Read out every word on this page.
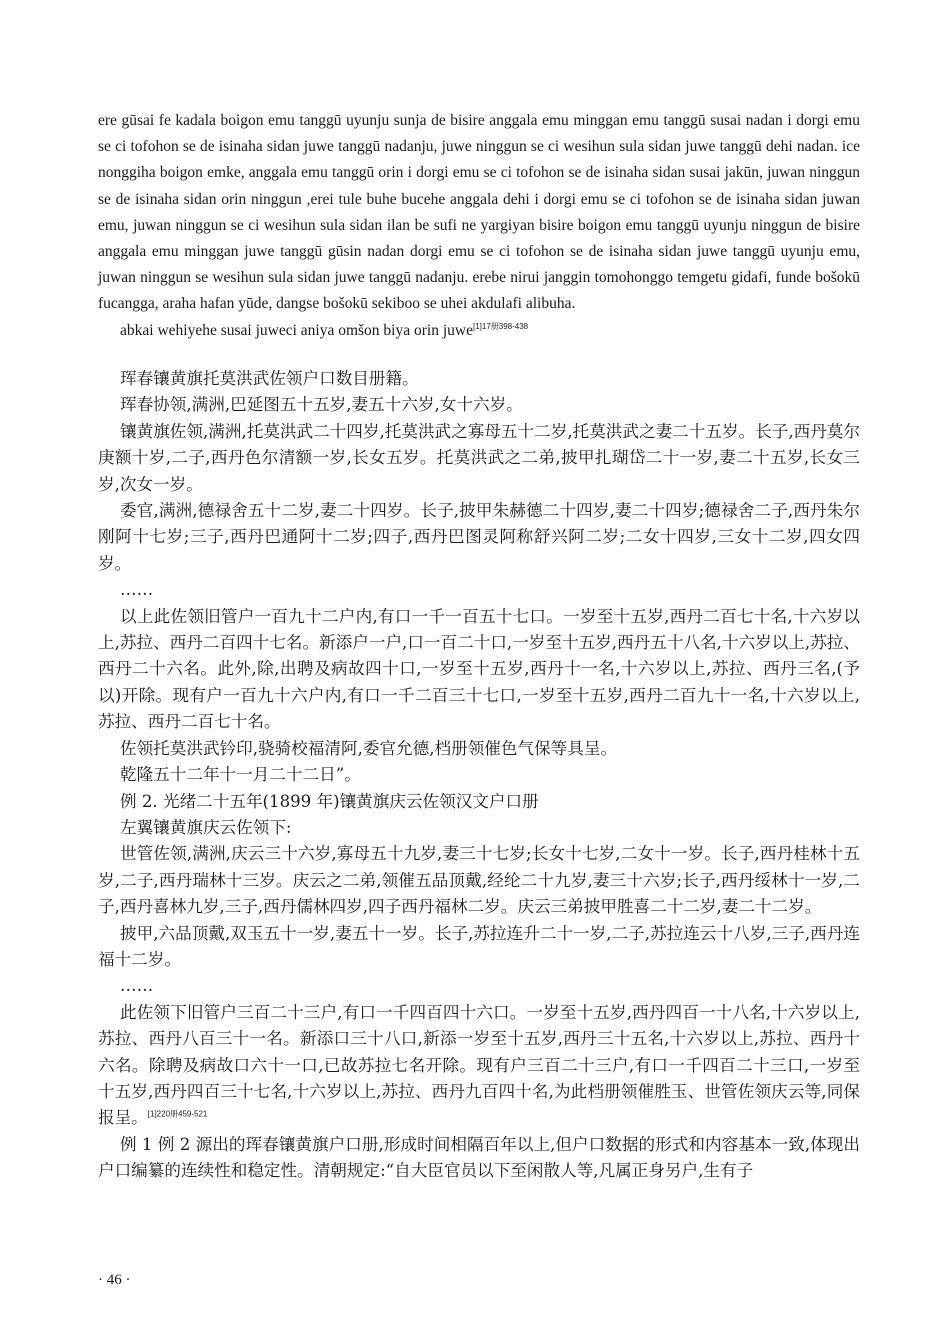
ere gūsai fe kadala boigon emu tanggū uyunju sunja de bisire anggala emu minggan emu tanggū susai nadan i dorgi emu se ci tofohon se de isinaha sidan juwe tanggū nadanju, juwe ninggun se ci wesihun sula sidan juwe tanggū dehi nadan. ice nonggiha boigon emke, anggala emu tanggū orin i dorgi emu se ci tofohon se de isinaha sidan susai jakūn, juwan ninggun se de isinaha sidan orin ninggun ,erei tule buhe bucehe anggala dehi i dorgi emu se ci tofohon se de isinaha sidan juwan emu, juwan ninggun se ci wesihun sula sidan ilan be sufi ne yargiyan bisire boigon emu tanggū uyunju ninggun de bisire anggala emu minggan juwe tanggū gūsin nadan dorgi emu se ci tofohon se de isinaha sidan juwe tanggū uyunju emu, juwan ninggun se wesihun sula sidan juwe tanggū nadanju. erebe nirui janggin tomohonggo temgetu gidafi, funde bošokū fucangga, araha hafan yūde, dangse bošokū sekiboo se uhei akdulafi alibuha.

abkai wehiyehe susai juweci aniya omšon biya orin juwe$^{[1]17册398-438}$

珲春镶黄旗托莫洪武佐领户口数目册籍。

珲春协领,满洲,巴延图五十五岁,妻五十六岁,女十六岁。

镶黄旗佐领,满洲,托莫洪武二十四岁,托莫洪武之寡母五十二岁,托莫洪武之妻二十五岁。长子,西丹莫尔庚额十岁,二子,西丹色尔清额一岁,长女五岁。托莫洪武之二弟,披甲扎瑚岱二十一岁,妻二十五岁,长女三岁,次女一岁。

委官,满洲,德禄舍五十二岁,妻二十四岁。长子,披甲朱赫德二十四岁,妻二十四岁;德禄舍二子,西丹朱尔刚阿十七岁;三子,西丹巴通阿十二岁;四子,西丹巴图灵阿称舒兴阿二岁;二女十四岁,三女十二岁,四女四岁。

……

以上此佐领旧管户一百九十二户内,有口一千一百五十七口。一岁至十五岁,西丹二百七十名,十六岁以上,苏拉、西丹二百四十七名。新添户一户,口一百二十口,一岁至十五岁,西丹五十八名,十六岁以上,苏拉、西丹二十六名。此外,除,出聘及病故四十口,一岁至十五岁,西丹十一名,十六岁以上,苏拉、西丹三名,(予以)开除。现有户一百九十六户内,有口一千二百三十七口,一岁至十五岁,西丹二百九十一名,十六岁以上,苏拉、西丹二百七十名。

佐领托莫洪武钤印,骁骑校福清阿,委官允德,档册领催色气保等具呈。

乾隆五十二年十一月二十二日”。

例 2. 光绪二十五年(1899 年)镶黄旗庆云佐领汉文户口册

左翼镶黄旗庆云佐领下:

世管佐领,满洲,庆云三十六岁,寡母五十九岁,妻三十七岁;长女十七岁,二女十一岁。长子,西丹桂林十五岁,二子,西丹瑞林十三岁。庆云之二弟,领催五品顶戴,经纶二十九岁,妻三十六岁;长子,西丹绥林十一岁,二子,西丹喜林九岁,三子,西丹儒林四岁,四子西丹福林二岁。庆云三弟披甲胜喜二十二岁,妻二十二岁。

披甲,六品顶戴,双玉五十一岁,妻五十一岁。长子,苏拉连升二十一岁,二子,苏拉连云十八岁,三子,西丹连福十二岁。

……

此佐领下旧管户三百二十三户,有口一千四百四十六口。一岁至十五岁,西丹四百一十八名,十六岁以上,苏拉、西丹八百三十一名。新添口三十八口,新添一岁至十五岁,西丹三十五名,十六岁以上,苏拉、西丹十六名。除聘及病故口六十一口,已故苏拉七名开除。现有户三百二十三户,有口一千四百二十三口,一岁至十五岁,西丹四百三十七名,十六岁以上,苏拉、西丹九百四十名,为此档册领催胜玉、世管佐领庆云等,同保报呈。$^{[1]220册459-521}$

例 1 例 2 源出的珲春镶黄旗户口册,形成时间相隔百年以上,但户口数据的形式和内容基本一致,体现出户口编纂的连续性和稳定性。清朝规定:“自大臣官员以下至闲散人等,凡属正身另户,生有子

· 46 ·
